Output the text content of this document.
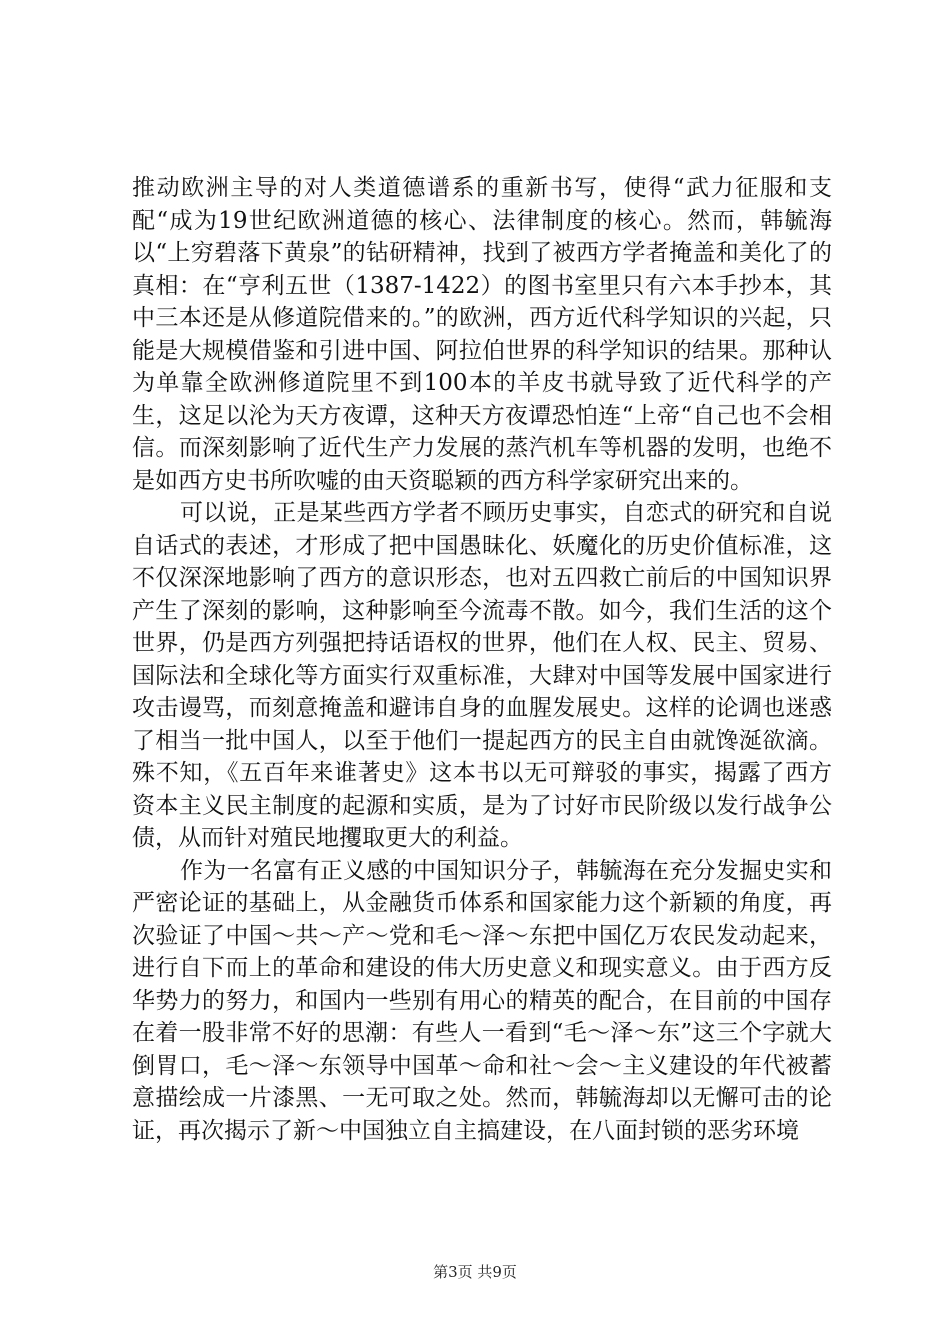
推动欧洲主导的对人类道德谱系的重新书写，使得“武力征服和支配“成为19世纪欧洲道德的核心、法律制度的核心。然而，韩毓海以“上穷碧落下黄泉”的钻研精神，找到了被西方学者掩盖和美化了的真相：在“亨利五世（1387-1422）的图书室里只有六本手抄本，其中三本还是从修道院借来的。”的欧洲，西方近代科学知识的兴起，只能是大规模借鉴和引进中国、阿拉伯世界的科学知识的结果。那种认为单靠全欧洲修道院里不到100本的羊皮书就导致了近代科学的产生，这足以沦为天方夜谭，这种天方夜谭恐怕连“上帝“自己也不会相信。而深刻影响了近代生产力发展的蒸汽机车等机器的发明，也绝不是如西方史书所吹嘘的由天资聪颖的西方科学家研究出来的。

可以说，正是某些西方学者不顾历史事实，自恋式的研究和自说自话式的表述，才形成了把中国愚昧化、妖魔化的历史价值标准，这不仅深深地影响了西方的意识形态，也对五四救亡前后的中国知识界产生了深刻的影响，这种影响至今流毒不散。如今，我们生活的这个世界，仍是西方列强把持话语权的世界，他们在人权、民主、贸易、国际法和全球化等方面实行双重标准，大肆对中国等发展中国家进行攻击谩骂，而刻意掩盖和避讳自身的血腥发展史。这样的论调也迷惑了相当一批中国人，以至于他们一提起西方的民主自由就馋涎欲滴。殊不知，《五百年来谁著史》这本书以无可辩驳的事实，揭露了西方资本主义民主制度的起源和实质，是为了讨好市民阶级以发行战争公债，从而针对殖民地攫取更大的利益。

作为一名富有正义感的中国知识分子，韩毓海在充分发掘史实和严密论证的基础上，从金融货币体系和国家能力这个新颖的角度，再次验证了中国～共～产～党和毛～泽～东把中国亿万农民发动起来，进行自下而上的革命和建设的伟大历史意义和现实意义。由于西方反华势力的努力，和国内一些别有用心的精英的配合，在目前的中国存在着一股非常不好的思潮：有些人一看到“毛～泽～东”这三个字就大倒胃口，毛～泽～东领导中国革～命和社～会～主义建设的年代被蓄意描绘成一片漆黑、一无可取之处。然而，韩毓海却以无懈可击的论证，再次揭示了新～中国独立自主搞建设，在八面封锁的恶劣环境

第3页 共9页
